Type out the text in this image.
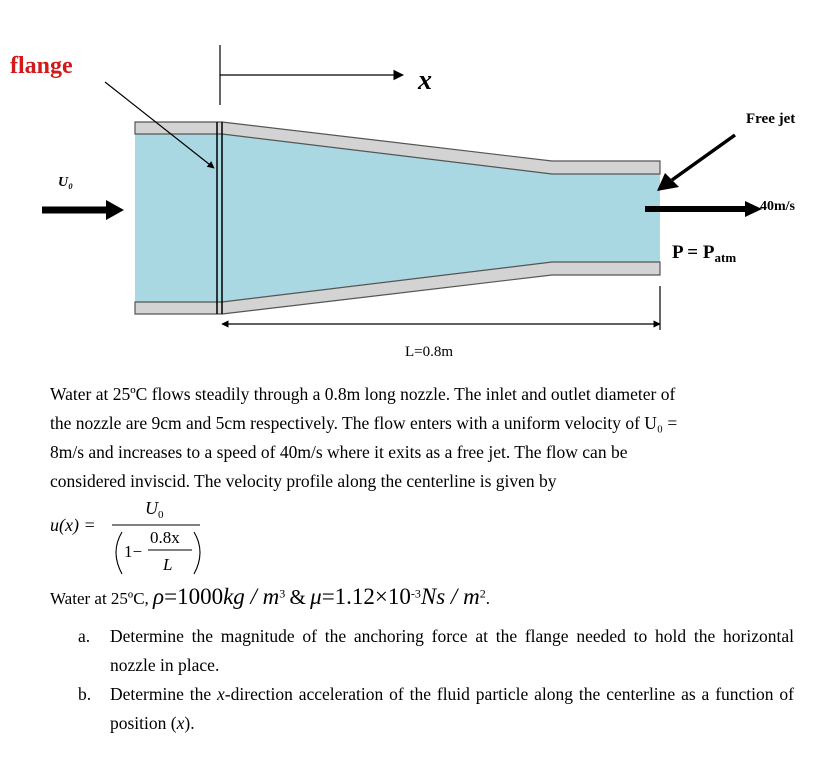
x
flange
U₀
Free jet
40m/s
$P = P_{atm}$
L=0.8m
Water at 25ºC flows steadily through a 0.8m long nozzle. The inlet and outlet diameter of
the nozzle are 9cm and 5cm respectively. The flow enters with a uniform velocity of U₀ =
8m/s and increases to a speed of 40m/s where it exits as a free jet. The flow can be
considered inviscid. The velocity profile along the centerline is given by
u(x) =
$U_0$
1−
0.8x
L
Water at 25ºC, $\rho=1000kg / m^3$ & $\mu=1.12\times 10^{-3}Ns / m^2$.
a.	Determine the magnitude of the anchoring force at the flange needed to hold the horizontal nozzle in place.
b.	Determine the x-direction acceleration of the fluid particle along the centerline as a function of position (x).
